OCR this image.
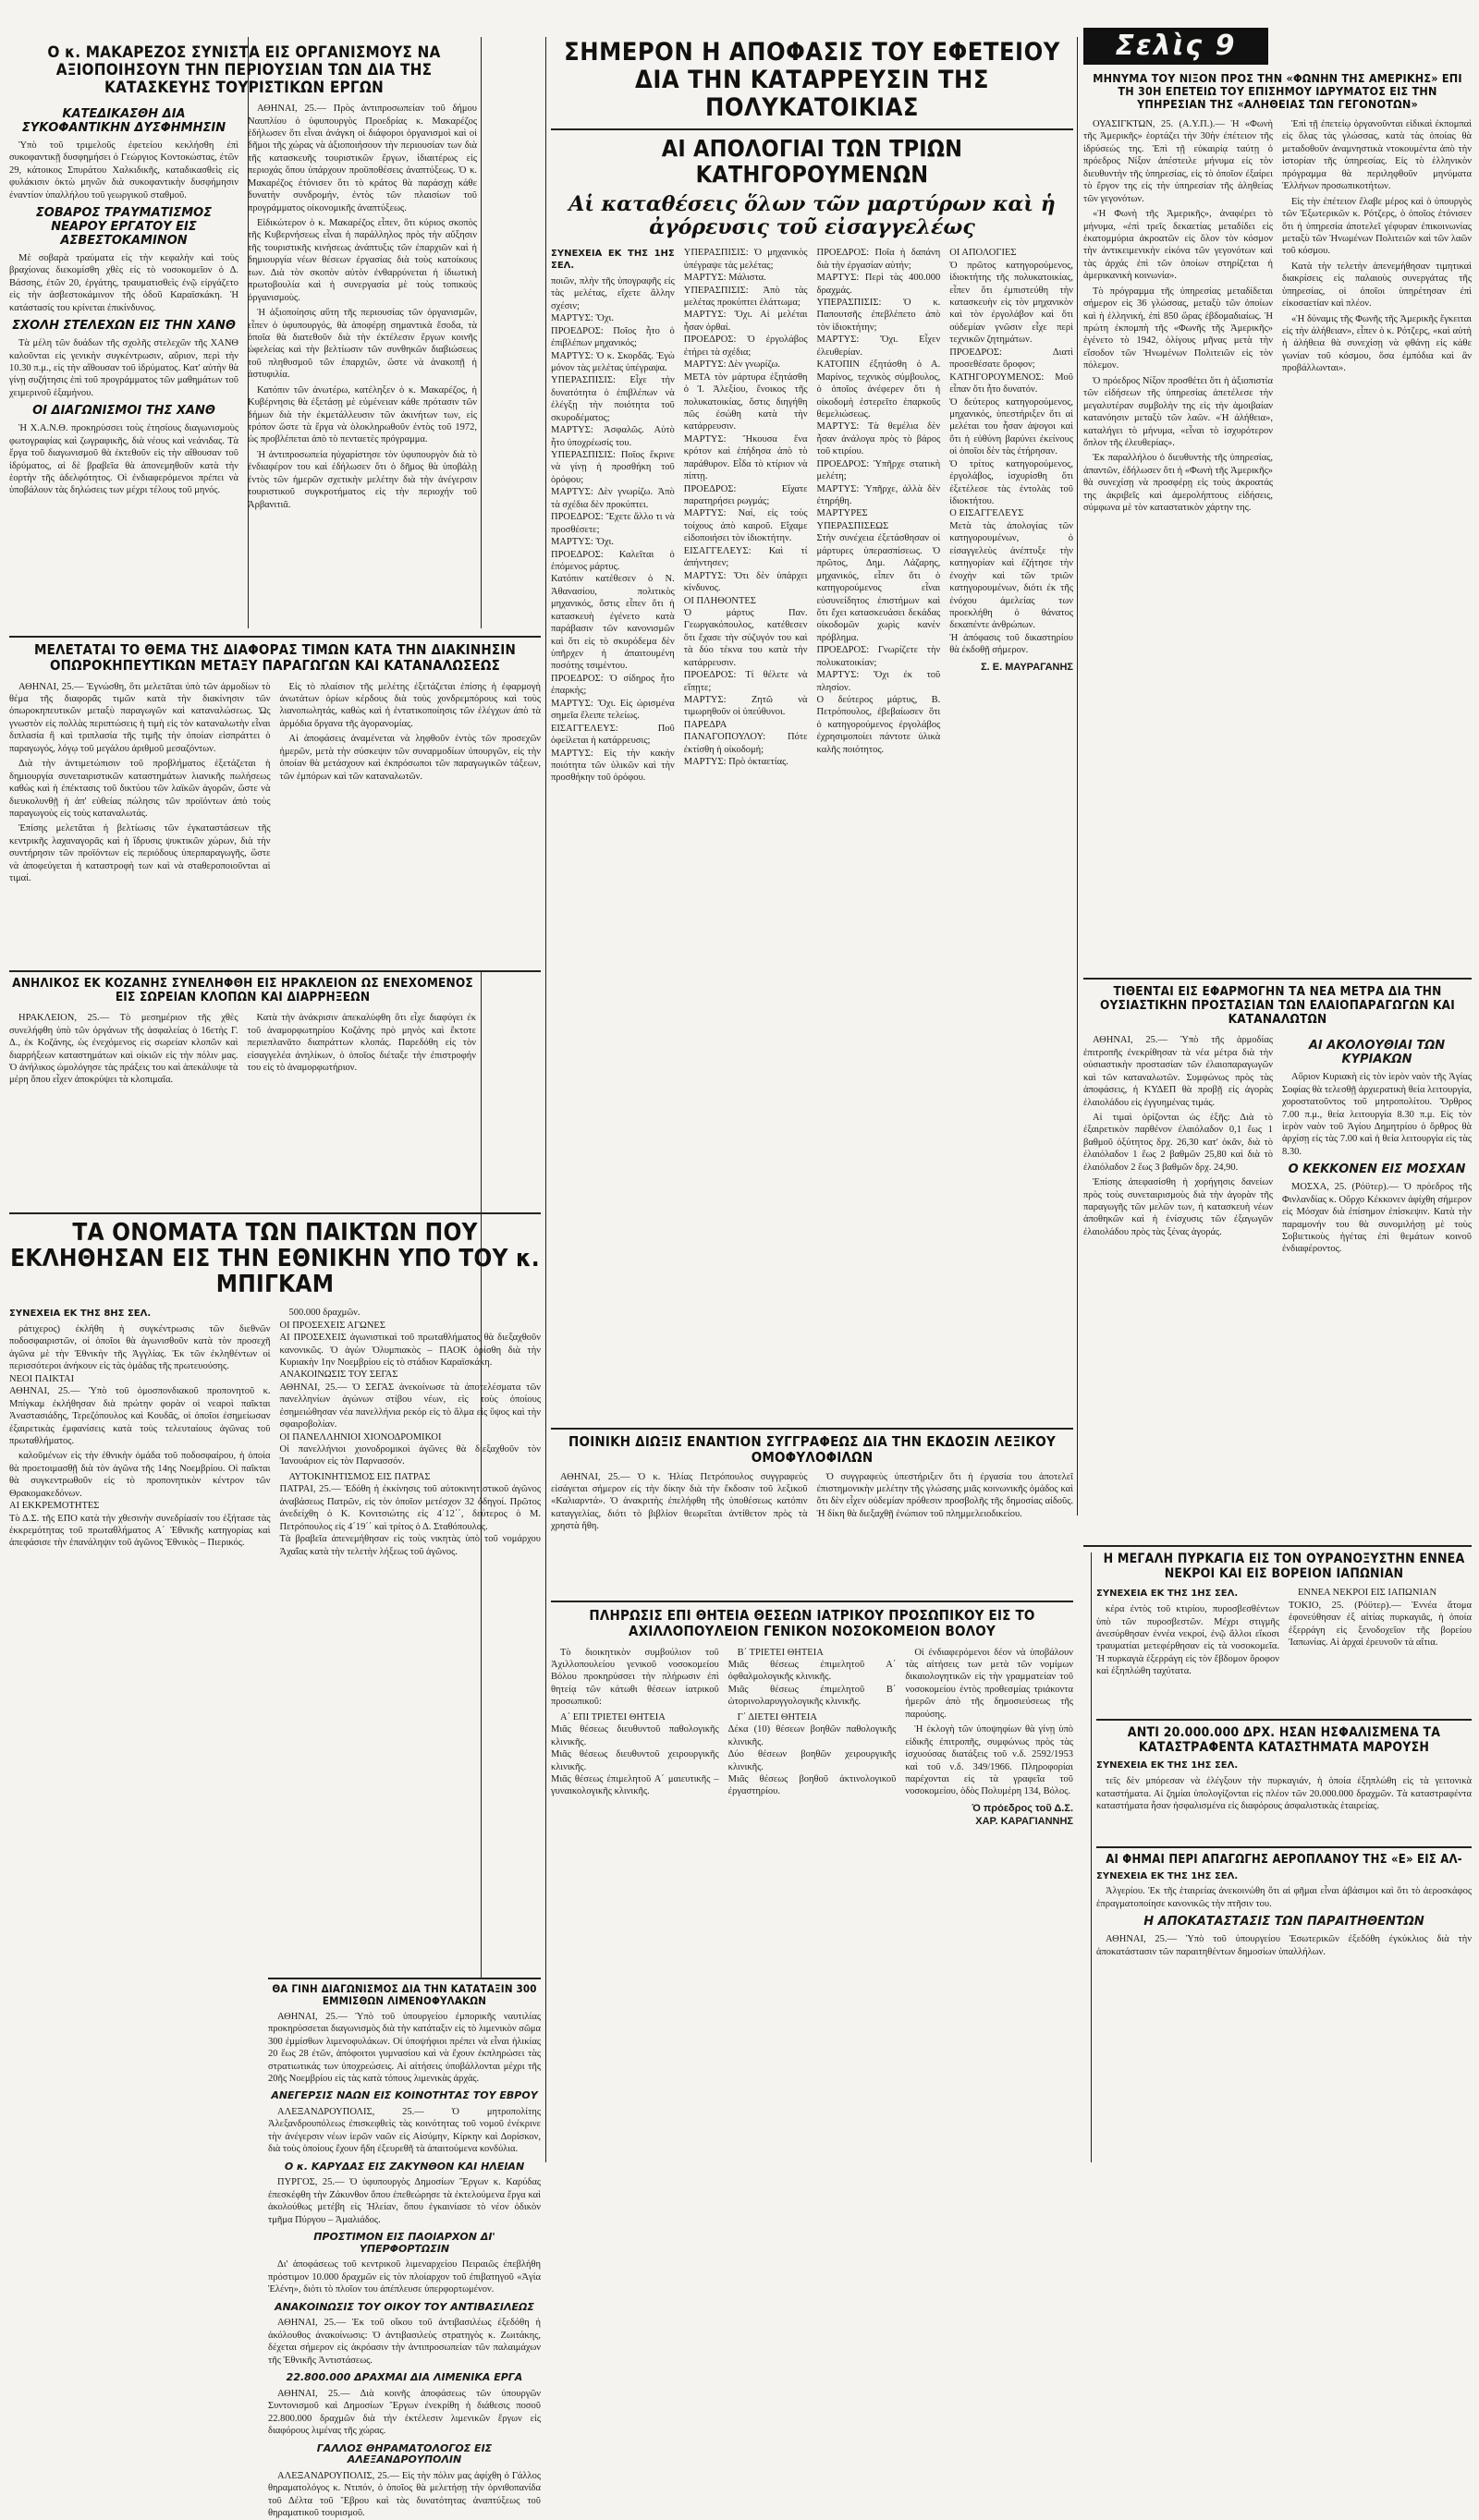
Ο κ. ΜΑΚΑΡΕΖΟΣ ΣΥΝΙΣΤΑ ΕΙΣ ΟΡΓΑΝΙΣΜΟΥΣ ΝΑ ΑΞΙΟΠΟΙΗΣΟΥΝ ΤΗΝ ΠΕΡΙΟΥΣΙΑΝ ΤΩΝ ΔΙΑ ΤΗΣ ΚΑΤΑΣΚΕΥΗΣ ΤΟΥΡΙΣΤΙΚΩΝ ΕΡΓΩΝ
ΚΑΤΕΔΙΚΑΣΘΗ ΔΙΑ ΣΥΚΟΦΑΝΤΙΚΗΝ ΔΥΣΦΗΜΗΣΙΝ

Ὑπὸ τοῦ τριμελοῦς ἐφετείου κεκλήσθη ἐπὶ συκοφαντικῇ δυσφημήσει ὁ Γεώργιος Κοντοκώστας, ἐτῶν 29, κάτοικος Σπυράτου Χαλκιδικῆς, καταδικασθεὶς εἰς φυλάκισιν ὀκτὼ μηνῶν διὰ συκοφαντικὴν δυσφήμησιν ἐναντίον ὑπαλλήλου τοῦ γεωργικοῦ σταθμοῦ.

ΣΟΒΑΡΟΣ ΤΡΑΥΜΑΤΙΣΜΟΣ ΝΕΑΡΟΥ ΕΡΓΑΤΟΥ ΕΙΣ ΑΣΒΕΣΤΟΚΑΜΙΝΟΝ

Μὲ σοβαρὰ τραύματα εἰς τὴν κεφαλὴν καὶ τοὺς βραχίονας διεκομίσθη χθὲς εἰς τὸ νοσοκομεῖον ὁ Δ. Βάσσης, ἐτῶν 20, ἐργάτης, τραυματισθεὶς ἐνῷ εἰργάζετο εἰς τὴν ἀσβεστοκάμινον τῆς ὁδοῦ Καραϊσκάκη. Ἡ κατάστασίς του κρίνεται ἐπικίνδυνος.

ΣΧΟΛΗ ΣΤΕΛΕΧΩΝ ΕΙΣ ΤΗΝ ΧΑΝΘ

Τὰ μέλη τῶν δυάδων τῆς σχολῆς στελεχῶν τῆς ΧΑΝΘ καλοῦνται εἰς γενικὴν συγκέντρωσιν, αὔριον, περὶ τὴν 10.30 π.μ., εἰς τὴν αἴθουσαν τοῦ ἱδρύματος. Κατ' αὐτὴν θὰ γίνῃ συζήτησις ἐπὶ τοῦ προγράμματος τῶν μαθημάτων τοῦ χειμερινοῦ ἑξαμήνου.

ΟΙ ΔΙΑΓΩΝΙΣΜΟΙ ΤΗΣ ΧΑΝΘ

Ἡ Χ.Α.Ν.Θ. προκηρύσσει τοὺς ἐτησίους διαγωνισμοὺς φωτογραφίας καὶ ζωγραφικῆς, διὰ νέους καὶ νεάνιδας. Τὰ ἔργα τοῦ διαγωνισμοῦ θὰ ἐκτεθοῦν εἰς τὴν αἴθουσαν τοῦ ἱδρύματος, αἱ δὲ βραβεῖα θὰ ἀπονεμηθοῦν κατὰ τὴν ἑορτὴν τῆς ἀδελφότητος. Οἱ ἐνδιαφερόμενοι πρέπει νὰ ὑποβάλουν τὰς δηλώσεις των μέχρι τέλους τοῦ μηνός.

ΑΘΗΝΑΙ, 25.— Πρὸς ἀντιπροσωπείαν τοῦ δήμου Ναυπλίου ὁ ὑφυπουργὸς Προεδρίας κ. Μακαρέζος ἐδήλωσεν ὅτι εἶναι ἀνάγκη οἱ διάφοροι ὀργανισμοὶ καὶ οἱ δῆμοι τῆς χώρας νὰ ἀξιοποιήσουν τὴν περιουσίαν των διὰ τῆς κατασκευῆς τουριστικῶν ἔργων, ἰδιαιτέρως εἰς περιοχάς ὅπου ὑπάρχουν προϋποθέσεις ἀναπτύξεως. Ὁ κ. Μακαρέζος ἐτόνισεν ὅτι τὸ κράτος θὰ παράσχῃ κάθε δυνατὴν συνδρομήν, ἐντὸς τῶν πλαισίων τοῦ προγράμματος οἰκονομικῆς ἀναπτύξεως.

Εἰδικώτερον ὁ κ. Μακαρέζος εἶπεν, ὅτι κύριος σκοπὸς τῆς Κυβερνήσεως εἶναι ἡ παράλληλος πρὸς τὴν αὔξησιν τῆς τουριστικῆς κινήσεως ἀνάπτυξις τῶν ἐπαρχιῶν καὶ ἡ δημιουργία νέων θέσεων ἐργασίας διὰ τοὺς κατοίκους των. Διὰ τὸν σκοπὸν αὐτὸν ἐνθαρρύνεται ἡ ἰδιωτικὴ πρωτοβουλία καὶ ἡ συνεργασία μὲ τοὺς τοπικοὺς ὀργανισμοὺς.

Ἡ ἀξιοποίησις αὕτη τῆς περιουσίας τῶν ὀργανισμῶν, εἶπεν ὁ ὑφυπουργός, θὰ ἀποφέρῃ σημαντικὰ ἔσοδα, τὰ ὁποῖα θὰ διατεθοῦν διὰ τὴν ἐκτέλεσιν ἔργων κοινῆς ὠφελείας καὶ τὴν βελτίωσιν τῶν συνθηκῶν διαβιώσεως τοῦ πληθυσμοῦ τῶν ἐπαρχιῶν, ὥστε νὰ ἀνακοπῇ ἡ ἀστυφιλία.

Κατόπιν τῶν ἀνωτέρω, κατέληξεν ὁ κ. Μακαρέζος, ἡ Κυβέρνησις θὰ ἐξετάσῃ μὲ εὐμένειαν κάθε πρότασιν τῶν δήμων διὰ τὴν ἐκμετάλλευσιν τῶν ἀκινήτων των, εἰς τρόπον ὥστε τὰ ἔργα νὰ ὁλοκληρωθοῦν ἐντὸς τοῦ 1972, ὡς προβλέπεται ἀπὸ τὸ πενταετὲς πρόγραμμα.

Ἡ ἀντιπροσωπεία ηὐχαρίστησε τὸν ὑφυπουργὸν διὰ τὸ ἐνδιαφέρον του καὶ ἐδήλωσεν ὅτι ὁ δῆμος θὰ ὑποβάλῃ ἐντὸς τῶν ἡμερῶν σχετικὴν μελέτην διὰ τὴν ἀνέγερσιν τουριστικοῦ συγκροτήματος εἰς τὴν περιοχήν τοῦ Ἀρβανιτιᾶ.

ΣΗΜΕΡΟΝ Η ΑΠΟΦΑΣΙΣ ΤΟΥ ΕΦΕΤΕΙΟΥ
ΔΙΑ ΤΗΝ ΚΑΤΑΡΡΕΥΣΙΝ ΤΗΣ ΠΟΛΥΚΑΤΟΙΚΙΑΣ
ΑΙ ΑΠΟΛΟΓΙΑΙ ΤΩΝ ΤΡΙΩΝ ΚΑΤΗΓΟΡΟΥΜΕΝΩΝ
Αἱ καταθέσεις ὅλων τῶν μαρτύρων καὶ ἡ ἀγόρευσις τοῦ εἰσαγγελέως
ΣΥΝΕΧΕΙΑ ΕΚ ΤΗΣ 1ΗΣ ΣΕΛ.

ποιῶν, πλὴν τῆς ὑπογραφῆς εἰς τὰς μελέτας, εἴχετε ἄλλην σχέσιν;
ΜΑΡΤΥΣ: Ὄχι.
ΠΡΟΕΔΡΟΣ: Ποῖος ἦτο ὁ ἐπιβλέπων μηχανικός;
ΜΑΡΤΥΣ: Ὁ κ. Σκορδᾶς. Ἐγὼ μόνον τὰς μελέτας ὑπέγραψα.
ΥΠΕΡΑΣΠΙΣΙΣ: Εἶχε τὴν δυνατότητα ὁ ἐπιβλέπων νὰ ἐλέγξῃ τὴν ποιότητα τοῦ σκυροδέματος;
ΜΑΡΤΥΣ: Ἀσφαλῶς. Αὐτὸ ἦτο ὑποχρέωσίς του.
ΥΠΕΡΑΣΠΙΣΙΣ: Ποῖος ἔκρινε νὰ γίνῃ ἡ προσθήκη τοῦ ὀρόφου;
ΜΑΡΤΥΣ: Δὲν γνωρίζω. Ἀπὸ τὰ σχέδια δὲν προκύπτει.
ΠΡΟΕΔΡΟΣ: Ἔχετε ἄλλο τι νὰ προσθέσετε;
ΜΑΡΤΥΣ: Ὄχι.
ΠΡΟΕΔΡΟΣ: Καλεῖται ὁ ἑπόμενος μάρτυς.
Κατόπιν κατέθεσεν ὁ Ν. Ἀθανασίου, πολιτικὸς μηχανικός, ὅστις εἶπεν ὅτι ἡ κατασκευὴ ἐγένετο κατὰ παράβασιν τῶν κανονισμῶν καὶ ὅτι εἰς τὸ σκυρόδεμα δὲν ὑπῆρχεν ἡ ἀπαιτουμένη ποσότης τσιμέντου.
ΠΡΟΕΔΡΟΣ: Ὁ σίδηρος ἦτο ἐπαρκής;
ΜΑΡΤΥΣ: Ὄχι. Εἰς ὡρισμένα σημεῖα ἔλειπε τελείως.
ΕΙΣΑΓΓΕΛΕΥΣ: Ποῦ ὀφείλεται ἡ κατάρρευσις;
ΜΑΡΤΥΣ: Εἰς τὴν κακὴν ποιότητα τῶν ὑλικῶν καὶ τὴν προσθήκην τοῦ ὀρόφου.

ΥΠΕΡΑΣΠΙΣΙΣ: Ὁ μηχανικὸς ὑπέγραψε τὰς μελέτας;
ΜΑΡΤΥΣ: Μάλιστα.
ΥΠΕΡΑΣΠΙΣΙΣ: Ἀπὸ τὰς μελέτας προκύπτει ἐλάττωμα;
ΜΑΡΤΥΣ: Ὄχι. Αἱ μελέται ἦσαν ὀρθαί.
ΠΡΟΕΔΡΟΣ: Ὁ ἐργολάβος ἐτήρει τὰ σχέδια;
ΜΑΡΤΥΣ: Δὲν γνωρίζω.
ΜΕΤΑ τὸν μάρτυρα ἐξητάσθη ὁ Ἰ. Ἀλεξίου, ἔνοικος τῆς πολυκατοικίας, ὅστις διηγήθη πῶς ἐσώθη κατὰ τὴν κατάρρευσιν.
ΜΑΡΤΥΣ: Ἤκουσα ἕνα κρότον καὶ ἐπήδησα ἀπὸ τὸ παράθυρον. Εἶδα τὸ κτίριον νὰ πίπτῃ.
ΠΡΟΕΔΡΟΣ: Εἴχατε παρατηρήσει ρωγμάς;
ΜΑΡΤΥΣ: Ναί, εἰς τοὺς τοίχους ἀπὸ καιροῦ. Εἴχαμε εἰδοποιήσει τὸν ἰδιοκτήτην.
ΕΙΣΑΓΓΕΛΕΥΣ: Καὶ τί ἀπήντησεν;
ΜΑΡΤΥΣ: Ὅτι δὲν ὑπάρχει κίνδυνος.
ΟΙ ΠΛΗΘΟΝΤΕΣ
Ὁ μάρτυς Παν. Γεωργακόπουλος, κατέθεσεν ὅτι ἔχασε τὴν σύζυγόν του καὶ τὰ δύο τέκνα του κατὰ τὴν κατάρρευσιν.
ΠΡΟΕΔΡΟΣ: Τί θέλετε νὰ εἴπῃτε;
ΜΑΡΤΥΣ: Ζητῶ νὰ τιμωρηθοῦν οἱ ὑπεύθυνοι.
ΠΑΡΕΔΡΑ ΠΑΝΑΓΟΠΟΥΛΟΥ: Πότε ἐκτίσθη ἡ οἰκοδομή;
ΜΑΡΤΥΣ: Πρὸ ὀκταετίας.

ΠΡΟΕΔΡΟΣ: Ποῖα ἡ δαπάνη διὰ τὴν ἐργασίαν αὐτήν;
ΜΑΡΤΥΣ: Περὶ τὰς 400.000 δραχμάς.
ΥΠΕΡΑΣΠΙΣΙΣ: Ὁ κ. Παπουτσῆς ἐπεβλέπετο ἀπὸ τὸν ἰδιοκτήτην;
ΜΑΡΤΥΣ: Ὄχι. Εἶχεν ἐλευθερίαν.
ΚΑΤΟΠΙΝ ἐξητάσθη ὁ Α. Μαρίνος, τεχνικὸς σύμβουλος, ὁ ὁποῖος ἀνέφερεν ὅτι ἡ οἰκοδομὴ ἐστερεῖτο ἐπαρκοῦς θεμελιώσεως.
ΜΑΡΤΥΣ: Τὰ θεμέλια δὲν ἦσαν ἀνάλογα πρὸς τὸ βάρος τοῦ κτιρίου.
ΠΡΟΕΔΡΟΣ: Ὑπῆρχε στατικὴ μελέτη;
ΜΑΡΤΥΣ: Ὑπῆρχε, ἀλλὰ δὲν ἐτηρήθη.
ΜΑΡΤΥΡΕΣ ΥΠΕΡΑΣΠΙΣΕΩΣ
Στὴν συνέχεια ἐξετάσθησαν οἱ μάρτυρες ὑπερασπίσεως. Ὁ πρῶτος, Δημ. Λάζαρης, μηχανικός, εἶπεν ὅτι ὁ κατηγορούμενος εἶναι εὐσυνείδητος ἐπιστήμων καὶ ὅτι ἔχει κατασκευάσει δεκάδας οἰκοδομῶν χωρὶς κανὲν πρόβλημα.
ΠΡΟΕΔΡΟΣ: Γνωρίζετε τὴν πολυκατοικίαν;
ΜΑΡΤΥΣ: Ὄχι ἐκ τοῦ πλησίον.
Ο δεύτερος μάρτυς, Β. Πετρόπουλος, ἐβεβαίωσεν ὅτι ὁ κατηγορούμενος ἐργολάβος ἐχρησιμοποίει πάντοτε ὑλικὰ καλῆς ποιότητος.

ΟΙ ΑΠΟΛΟΓΙΕΣ
Ὁ πρῶτος κατηγορούμενος, ἰδιοκτήτης τῆς πολυκατοικίας, εἶπεν ὅτι ἐμπιστεύθη τὴν κατασκευὴν εἰς τὸν μηχανικὸν καὶ τὸν ἐργολάβον καὶ ὅτι οὐδεμίαν γνῶσιν εἶχε περὶ τεχνικῶν ζητημάτων.
ΠΡΟΕΔΡΟΣ: Διατὶ προσεθέσατε ὄροφον;
ΚΑΤΗΓΟΡΟΥΜΕΝΟΣ: Μοῦ εἶπαν ὅτι ἦτο δυνατόν.
Ὁ δεύτερος κατηγορούμενος, μηχανικός, ὑπεστήριξεν ὅτι αἱ μελέται του ἦσαν ἀψογοι καὶ ὅτι ἡ εὐθύνη βαρύνει ἐκείνους οἱ ὁποῖοι δὲν τὰς ἐτήρησαν.
Ὁ τρίτος κατηγορούμενος, ἐργολάβος, ἰσχυρίσθη ὅτι ἐξετέλεσε τὰς ἐντολὰς τοῦ ἰδιοκτήτου.
Ο ΕΙΣΑΓΓΕΛΕΥΣ
Μετὰ τὰς ἀπολογίας τῶν κατηγορουμένων, ὁ εἰσαγγελεὺς ἀνέπτυξε τὴν κατηγορίαν καὶ ἐζήτησε τὴν ἐνοχὴν καὶ τῶν τριῶν κατηγορουμένων, διότι ἐκ τῆς ἐνόχου ἀμελείας των προεκλήθη ὁ θάνατος δεκαπέντε ἀνθρώπων.
Ἡ ἀπόφασις τοῦ δικαστηρίου θὰ ἐκδοθῇ σήμερον.

Σ. Ε. ΜΑΥΡΑΓΑΝΗΣ
Σελὶς 9
ΜΗΝΥΜΑ ΤΟΥ ΝΙΞΟΝ ΠΡΟΣ ΤΗΝ «ΦΩΝΗΝ ΤΗΣ ΑΜΕΡΙΚΗΣ» ΕΠΙ ΤΗ 30Η ΕΠΕΤΕΙΩ ΤΟΥ ΕΠΙΣΗΜΟΥ ΙΔΡΥΜΑΤΟΣ ΕΙΣ ΤΗΝ ΥΠΗΡΕΣΙΑΝ ΤΗΣ «ΑΛΗΘΕΙΑΣ ΤΩΝ ΓΕΓΟΝΟΤΩΝ»

ΟΥΑΣΙΓΚΤΩΝ, 25. (Α.Υ.Π.).— Ἡ «Φωνὴ τῆς Ἀμερικῆς» ἑορτάζει τὴν 30ὴν ἐπέτειον τῆς ἱδρύσεώς της. Ἐπὶ τῇ εὐκαιρίᾳ ταύτῃ ὁ πρόεδρος Νίξον ἀπέστειλε μήνυμα εἰς τὸν διευθυντὴν τῆς ὑπηρεσίας, εἰς τὸ ὁποῖον ἐξαίρει τὸ ἔργον της εἰς τὴν ὑπηρεσίαν τῆς ἀληθείας τῶν γεγονότων.

«Ἡ Φωνὴ τῆς Ἀμερικῆς», ἀναφέρει τὸ μήνυμα, «ἐπὶ τρεῖς δεκαετίας μεταδίδει εἰς ἑκατομμύρια ἀκροατῶν εἰς ὅλον τὸν κόσμον τὴν ἀντικειμενικὴν εἰκόνα τῶν γεγονότων καὶ τὰς ἀρχάς ἐπὶ τῶν ὁποίων στηρίζεται ἡ ἀμερικανικὴ κοινωνία».

Τὸ πρόγραμμα τῆς ὑπηρεσίας μεταδίδεται σήμερον εἰς 36 γλώσσας, μεταξὺ τῶν ὁποίων καὶ ἡ ἑλληνική, ἐπὶ 850 ὥρας ἑβδομαδιαίως. Ἡ πρώτη ἐκπομπὴ τῆς «Φωνῆς τῆς Ἀμερικῆς» ἐγένετο τὸ 1942, ὀλίγους μῆνας μετὰ τὴν εἴσοδον τῶν Ἡνωμένων Πολιτειῶν εἰς τὸν πόλεμον.

Ὁ πρόεδρος Νίξον προσθέτει ὅτι ἡ ἀξιοπιστία τῶν εἰδήσεων τῆς ὑπηρεσίας ἀπετέλεσε τὴν μεγαλυτέραν συμβολὴν της εἰς τὴν ἀμοιβαίαν κατανόησιν μεταξὺ τῶν λαῶν. «Ἡ ἀλήθεια», καταλήγει τὸ μήνυμα, «εἶναι τὸ ἰσχυρότερον ὅπλον τῆς ἐλευθερίας».

Ἐκ παραλλήλου ὁ διευθυντὴς τῆς ὑπηρεσίας, ἀπαντῶν, ἐδήλωσεν ὅτι ἡ «Φωνὴ τῆς Ἀμερικῆς» θὰ συνεχίσῃ νὰ προσφέρῃ εἰς τοὺς ἀκροατάς της ἀκριβεῖς καὶ ἀμερολήπτους εἰδήσεις, σύμφωνα μὲ τὸν καταστατικὸν χάρτην της.

Ἐπὶ τῇ ἐπετείῳ ὀργανοῦνται εἰδικαὶ ἐκπομπαὶ εἰς ὅλας τὰς γλώσσας, κατὰ τὰς ὁποίας θὰ μεταδοθοῦν ἀναμνηστικὰ ντοκουμέντα ἀπὸ τὴν ἱστορίαν τῆς ὑπηρεσίας. Εἰς τὸ ἑλληνικὸν πρόγραμμα θὰ περιληφθοῦν μηνύματα Ἑλλήνων προσωπικοτήτων.

Εἰς τὴν ἐπέτειον ἔλαβε μέρος καὶ ὁ ὑπουργὸς τῶν Ἐξωτερικῶν κ. Ρότζερς, ὁ ὁποῖος ἐτόνισεν ὅτι ἡ ὑπηρεσία ἀποτελεῖ γέφυραν ἐπικοινωνίας μεταξὺ τῶν Ἡνωμένων Πολιτειῶν καὶ τῶν λαῶν τοῦ κόσμου.

Κατὰ τὴν τελετὴν ἀπενεμήθησαν τιμητικαὶ διακρίσεις εἰς παλαιοὺς συνεργάτας τῆς ὑπηρεσίας, οἱ ὁποῖοι ὑπηρέτησαν ἐπὶ εἰκοσαετίαν καὶ πλέον.

«Ἡ δύναμις τῆς Φωνῆς τῆς Ἀμερικῆς ἔγκειται εἰς τὴν ἀλήθειαν», εἶπεν ὁ κ. Ρότζερς, «καὶ αὐτὴ ἡ ἀλήθεια θὰ συνεχίσῃ νὰ φθάνῃ εἰς κάθε γωνίαν τοῦ κόσμου, ὅσα ἐμπόδια καὶ ἂν προβάλλωνται».

ΜΕΛΕΤΑΤΑΙ ΤΟ ΘΕΜΑ ΤΗΣ ΔΙΑΦΟΡΑΣ ΤΙΜΩΝ ΚΑΤΑ ΤΗΝ ΔΙΑΚΙΝΗΣΙΝ ΟΠΩΡΟΚΗΠΕΥΤΙΚΩΝ ΜΕΤΑΞΥ ΠΑΡΑΓΩΓΩΝ ΚΑΙ ΚΑΤΑΝΑΛΩΣΕΩΣ

ΑΘΗΝΑΙ, 25.— Ἐγνώσθη, ὅτι μελετᾶται ὑπὸ τῶν ἁρμοδίων τὸ θέμα τῆς διαφορᾶς τιμῶν κατὰ τὴν διακίνησιν τῶν ὀπωροκηπευτικῶν μεταξὺ παραγωγῶν καὶ καταναλώσεως. Ὡς γνωστὸν εἰς πολλὰς περιπτώσεις ἡ τιμὴ εἰς τὸν καταναλωτὴν εἶναι διπλασία ἢ καὶ τριπλασία τῆς τιμῆς τὴν ὁποίαν εἰσπράττει ὁ παραγωγός, λόγῳ τοῦ μεγάλου ἀριθμοῦ μεσαζόντων.

Διὰ τὴν ἀντιμετώπισιν τοῦ προβλήματος ἐξετάζεται ἡ δημιουργία συνεταιριστικῶν καταστημάτων λιανικῆς πωλήσεως καθὼς καὶ ἡ ἐπέκτασις τοῦ δικτύου τῶν λαϊκῶν ἀγορῶν, ὥστε νὰ διευκολυνθῇ ἡ ἀπ' εὐθείας πώλησις τῶν προϊόντων ἀπὸ τοὺς παραγωγοὺς εἰς τοὺς καταναλωτάς.

Ἐπίσης μελετᾶται ἡ βελτίωσις τῶν ἐγκαταστάσεων τῆς κεντρικῆς λαχαναγορᾶς καὶ ἡ ἵδρυσις ψυκτικῶν χώρων, διὰ τὴν συντήρησιν τῶν προϊόντων εἰς περιόδους ὑπερπαραγωγῆς, ὥστε νὰ ἀποφεύγεται ἡ καταστροφὴ των καὶ νὰ σταθεροποιοῦνται αἱ τιμαί.

Εἰς τὸ πλαίσιον τῆς μελέτης ἐξετάζεται ἐπίσης ἡ ἐφαρμογὴ ἀνωτάτων ὁρίων κέρδους διὰ τοὺς χονδρεμπόρους καὶ τοὺς λιανοπωλητάς, καθὼς καὶ ἡ ἐντατικοποίησις τῶν ἐλέγχων ἀπὸ τὰ ἁρμόδια ὄργανα τῆς ἀγορανομίας.

Αἱ ἀποφάσεις ἀναμένεται νὰ ληφθοῦν ἐντὸς τῶν προσεχῶν ἡμερῶν, μετὰ τὴν σύσκεψιν τῶν συναρμοδίων ὑπουργῶν, εἰς τὴν ὁποίαν θὰ μετάσχουν καὶ ἐκπρόσωποι τῶν παραγωγικῶν τάξεων, τῶν ἐμπόρων καὶ τῶν καταναλωτῶν.

ΑΝΗΛΙΚΟΣ ΕΚ ΚΟΖΑΝΗΣ ΣΥΝΕΛΗΦΘΗ ΕΙΣ ΗΡΑΚΛΕΙΟΝ ΩΣ ΕΝΕΧΟΜΕΝΟΣ ΕΙΣ ΣΩΡΕΙΑΝ ΚΛΟΠΩΝ ΚΑΙ ΔΙΑΡΡΗΞΕΩΝ

ΗΡΑΚΛΕΙΟΝ, 25.— Τὸ μεσημέριον τῆς χθὲς συνελήφθη ὑπὸ τῶν ὀργάνων τῆς ἀσφαλείας ὁ 16ετὴς Γ. Δ., ἐκ Κοζάνης, ὡς ἐνεχόμενος εἰς σωρείαν κλοπῶν καὶ διαρρήξεων καταστημάτων καὶ οἰκιῶν εἰς τὴν πόλιν μας. Ὁ ἀνήλικος ὡμολόγησε τὰς πράξεις του καὶ ἀπεκάλυψε τὰ μέρη ὅπου εἶχεν ἀποκρύψει τὰ κλοπιμαῖα.

Κατὰ τὴν ἀνάκρισιν ἀπεκαλύφθη ὅτι εἶχε διαφύγει ἐκ τοῦ ἀναμορφωτηρίου Κοζάνης πρὸ μηνὸς καὶ ἔκτοτε περιεπλανᾶτο διαπράττων κλοπάς. Παρεδόθη εἰς τὸν εἰσαγγελέα ἀνηλίκων, ὁ ὁποῖος διέταξε τὴν ἐπιστροφήν του εἰς τὸ ἀναμορφωτήριον.

ΤΑ ΟΝΟΜΑΤΑ ΤΩΝ ΠΑΙΚΤΩΝ ΠΟΥ ΕΚΛΗΘΗΣΑΝ ΕΙΣ ΤΗΝ ΕΘΝΙΚΗΝ ΥΠΟ ΤΟΥ κ. ΜΠΙΓΚΑΜ
ΣΥΝΕΧΕΙΑ ΕΚ ΤΗΣ 8ΗΣ ΣΕΛ.

ράτιχερος) ἐκλήθη ἡ συγκέντρωσις τῶν διεθνῶν ποδοσφαιριστῶν, οἱ ὁποῖοι θὰ ἀγωνισθοῦν κατὰ τὸν προσεχῆ ἀγῶνα μὲ τὴν Ἐθνικὴν τῆς Ἀγγλίας. Ἐκ τῶν ἐκληθέντων οἱ περισσότεροι ἀνήκουν εἰς τὰς ὁμάδας τῆς πρωτευούσης.
ΝΕΟΙ ΠΑΙΚΤΑΙ
ΑΘΗΝΑΙ, 25.— Ὑπὸ τοῦ ὁμοσπονδιακοῦ προπονητοῦ κ. Μπίγκαμ ἐκλήθησαν διὰ πρώτην φορὰν οἱ νεαροὶ παῖκται Ἀναστασιάδης, Τερεζόπουλος καὶ Κουδᾶς, οἱ ὁποῖοι ἐσημείωσαν ἐξαιρετικὰς ἐμφανίσεις κατὰ τοὺς τελευταίους ἀγῶνας τοῦ πρωταθλήματος.

καλοῦμένων εἰς τὴν ἐθνικὴν ὁμάδα τοῦ ποδοσφαίρου, ἡ ὁποία θὰ προετοιμασθῇ διὰ τὸν ἀγῶνα τῆς 14ης Νοεμβρίου. Οἱ παῖκται θὰ συγκεντρωθοῦν εἰς τὸ προπονητικὸν κέντρον τῶν Θρακομακεδόνων.
ΑΙ ΕΚΚΡΕΜΟΤΗΤΕΣ
Τὸ Δ.Σ. τῆς ΕΠΟ κατὰ τὴν χθεσινὴν συνεδρίασίν του ἐξήτασε τὰς ἐκκρεμότητας τοῦ πρωταθλήματος Α΄ Ἐθνικῆς κατηγορίας καὶ ἀπεφάσισε τὴν ἐπανάληψιν τοῦ ἀγῶνος Ἐθνικὸς – Πιερικός.

500.000 δραχμῶν.
ΟΙ ΠΡΟΣΕΧΕΙΣ ΑΓΩΝΕΣ
ΑΙ ΠΡΟΣΕΧΕΙΣ ἀγωνιστικαὶ τοῦ πρωταθλήματος θὰ διεξαχθοῦν κανονικῶς. Ὁ ἀγὼν Ὀλυμπιακὸς – ΠΑΟΚ ὁρίσθη διὰ τὴν Κυριακὴν 1ην Νοεμβρίου εἰς τὸ στάδιον Καραϊσκάκη.
ΑΝΑΚΟΙΝΩΣΙΣ ΤΟΥ ΣΕΓΑΣ
ΑΘΗΝΑΙ, 25.— Ὁ ΣΕΓΑΣ ἀνεκοίνωσε τὰ ἀποτελέσματα τῶν πανελληνίων ἀγώνων στίβου νέων, εἰς τοὺς ὁποίους ἐσημειώθησαν νέα πανελλήνια ρεκόρ εἰς τὸ ἅλμα εἰς ὕψος καὶ τὴν σφαιροβολίαν.
ΟΙ ΠΑΝΕΛΛΗΝΙΟΙ ΧΙΟΝΟΔΡΟΜΙΚΟΙ
Οἱ πανελλήνιοι χιονοδρομικοὶ ἀγῶνες θὰ διεξαχθοῦν τὸν Ἰανουάριον εἰς τὸν Παρνασσόν.

ΑΥΤΟΚΙΝΗΤΙΣΜΟΣ ΕΙΣ ΠΑΤΡΑΣ
ΠΑΤΡΑΙ, 25.— Ἐδόθη ἡ ἐκκίνησις τοῦ αὐτοκινητιστικοῦ ἀγῶνος ἀναβάσεως Πατρῶν, εἰς τὸν ὁποῖον μετέσχον 32 ὀδηγοί. Πρῶτος ἀνεδείχθη ὁ Κ. Κονιτσιώτης εἰς 4΄12΄΄, δεύτερος ὁ Μ. Πετρόπουλος εἰς 4΄19΄΄ καὶ τρίτος ὁ Δ. Σταθόπουλος.
Τὰ βραβεῖα ἀπενεμήθησαν εἰς τοὺς νικητὰς ὑπὸ τοῦ νομάρχου Ἀχαΐας κατὰ τὴν τελετὴν λήξεως τοῦ ἀγῶνος.

ΤΙΘΕΝΤΑΙ ΕΙΣ ΕΦΑΡΜΟΓΗΝ ΤΑ ΝΕΑ ΜΕΤΡΑ ΔΙΑ ΤΗΝ ΟΥΣΙΑΣΤΙΚΗΝ ΠΡΟΣΤΑΣΙΑΝ ΤΩΝ ΕΛΑΙΟΠΑΡΑΓΩΓΩΝ ΚΑΙ ΚΑΤΑΝΑΛΩΤΩΝ

ΑΘΗΝΑΙ, 25.— Ὑπὸ τῆς ἁρμοδίας ἐπιτροπῆς ἐνεκρίθησαν τὰ νέα μέτρα διὰ τὴν οὐσιαστικὴν προστασίαν τῶν ἐλαιοπαραγωγῶν καὶ τῶν καταναλωτῶν. Συμφώνως πρὸς τὰς ἀποφάσεις, ἡ ΚΥΔΕΠ θὰ προβῇ εἰς ἀγορὰς ἐλαιολάδου εἰς ἐγγυημένας τιμάς.

Αἱ τιμαὶ ὁρίζονται ὡς ἑξῆς: Διὰ τὸ ἐξαιρετικὸν παρθένον ἐλαιόλαδον 0,1 ἕως 1 βαθμοῦ ὀξύτητος δρχ. 26,30 κατ' ὀκᾶν, διὰ τὸ ἐλαιόλαδον 1 ἕως 2 βαθμῶν 25,80 καὶ διὰ τὸ ἐλαιόλαδον 2 ἕως 3 βαθμῶν δρχ. 24,90.

Ἐπίσης ἀπεφασίσθη ἡ χορήγησις δανείων πρὸς τοὺς συνεταιρισμοὺς διὰ τὴν ἀγορὰν τῆς παραγωγῆς τῶν μελῶν των, ἡ κατασκευὴ νέων ἀποθηκῶν καὶ ἡ ἐνίσχυσις τῶν ἐξαγωγῶν ἐλαιολάδου πρὸς τὰς ξένας ἀγοράς.

ΑΙ ΑΚΟΛΟΥΘΙΑΙ ΤΩΝ ΚΥΡΙΑΚΩΝ

Αὔριον Κυριακὴ εἰς τὸν ἱερὸν ναὸν τῆς Ἁγίας Σοφίας θὰ τελεσθῇ ἀρχιερατικὴ θεία λειτουργία, χοροστατοῦντος τοῦ μητροπολίτου. Ὄρθρος 7.00 π.μ., θεία λειτουργία 8.30 π.μ. Εἰς τὸν ἱερὸν ναὸν τοῦ Ἁγίου Δημητρίου ὁ ὄρθρος θὰ ἀρχίσῃ εἰς τὰς 7.00 καὶ ἡ θεία λειτουργία εἰς τὰς 8.30.

Ο ΚΕΚΚΟΝΕΝ ΕΙΣ ΜΟΣΧΑΝ

ΜΟΣΧΑ, 25. (Ρόϋτερ).— Ὁ πρόεδρος τῆς Φινλανδίας κ. Οὔρχο Κέκκονεν ἀφίχθη σήμερον εἰς Μόσχαν διὰ ἐπίσημον ἐπίσκεψιν. Κατὰ τὴν παραμονήν του θὰ συνομιλήσῃ μὲ τοὺς Σοβιετικοὺς ἡγέτας ἐπὶ θεμάτων κοινοῦ ἐνδιαφέροντος.

ΠΟΙΝΙΚΗ ΔΙΩΞΙΣ ΕΝΑΝΤΙΟΝ ΣΥΓΓΡΑΦΕΩΣ ΔΙΑ ΤΗΝ ΕΚΔΟΣΙΝ ΛΕΞΙΚΟΥ ΟΜΟΦΥΛΟΦΙΛΩΝ

ΑΘΗΝΑΙ, 25.— Ὁ κ. Ἠλίας Πετρόπουλος συγγραφεὺς εἰσάγεται σήμερον εἰς τὴν δίκην διὰ τὴν ἔκδοσιν τοῦ λεξικοῦ «Καλιαρντά». Ὁ ἀνακριτὴς ἐπελήφθη τῆς ὑποθέσεως κατόπιν καταγγελίας, διότι τὸ βιβλίον θεωρεῖται ἀντίθετον πρὸς τὰ χρηστὰ ἤθη.

Ὁ συγγραφεὺς ὑπεστήριξεν ὅτι ἡ ἐργασία του ἀποτελεῖ ἐπιστημονικὴν μελέτην τῆς γλώσσης μιᾶς κοινωνικῆς ὁμάδος καὶ ὅτι δὲν εἶχεν οὐδεμίαν πρόθεσιν προσβολῆς τῆς δημοσίας αἰδοῦς. Ἡ δίκη θὰ διεξαχθῇ ἐνώπιον τοῦ πλημμελειοδικείου.

ΠΛΗΡΩΣΙΣ ΕΠΙ ΘΗΤΕΙΑ ΘΕΣΕΩΝ ΙΑΤΡΙΚΟΥ ΠΡΟΣΩΠΙΚΟΥ ΕΙΣ ΤΟ ΑΧΙΛΛΟΠΟΥΛΕΙΟΝ ΓΕΝΙΚΟΝ ΝΟΣΟΚΟΜΕΙΟΝ ΒΟΛΟΥ

Τὸ διοικητικὸν συμβούλιον τοῦ Ἀχιλλοπουλείου γενικοῦ νοσοκομείου Βόλου προκηρύσσει τὴν πλήρωσιν ἐπὶ θητείᾳ τῶν κάτωθι θέσεων ἰατρικοῦ προσωπικοῦ:

Α΄ ΕΠΙ ΤΡΙΕΤΕΙ ΘΗΤΕΙΑ
Μιᾶς θέσεως διευθυντοῦ παθολογικῆς κλινικῆς.
Μιᾶς θέσεως διευθυντοῦ χειρουργικῆς κλινικῆς.
Μιᾶς θέσεως ἐπιμελητοῦ Α΄ μαιευτικῆς – γυναικολογικῆς κλινικῆς.

Β΄ ΤΡΙΕΤΕΙ ΘΗΤΕΙΑ
Μιᾶς θέσεως ἐπιμελητοῦ Α΄ ὀφθαλμολογικῆς κλινικῆς.
Μιᾶς θέσεως ἐπιμελητοῦ Β΄ ὠτορινολαρυγγολογικῆς κλινικῆς.

Γ΄ ΔΙΕΤΕΙ ΘΗΤΕΙΑ
Δέκα (10) θέσεων βοηθῶν παθολογικῆς κλινικῆς.
Δύο θέσεων βοηθῶν χειρουργικῆς κλινικῆς.
Μιᾶς θέσεως βοηθοῦ ἀκτινολογικοῦ ἐργαστηρίου.

Οἱ ἐνδιαφερόμενοι δέον νὰ ὑποβάλουν τὰς αἰτήσεις των μετὰ τῶν νομίμων δικαιολογητικῶν εἰς τὴν γραμματείαν τοῦ νοσοκομείου ἐντὸς προθεσμίας τριάκοντα ἡμερῶν ἀπὸ τῆς δημοσιεύσεως τῆς παρούσης.

Ἡ ἐκλογὴ τῶν ὑποψηφίων θὰ γίνῃ ὑπὸ εἰδικῆς ἐπιτροπῆς, συμφώνως πρὸς τὰς ἰσχυούσας διατάξεις τοῦ ν.δ. 2592/1953 καὶ τοῦ ν.δ. 349/1966. Πληροφορίαι παρέχονται εἰς τὰ γραφεῖα τοῦ νοσοκομείου, ὁδὸς Πολυμέρη 134, Βόλος.

Ὁ πρόεδρος τοῦ Δ.Σ.
ΧΑΡ. ΚΑΡΑΓΙΑΝΝΗΣ
Η ΜΕΓΑΛΗ ΠΥΡΚΑΓΙΑ ΕΙΣ ΤΟΝ ΟΥΡΑΝΟΞΥΣΤΗΝ ΕΝΝΕΑ ΝΕΚΡΟΙ ΚΑΙ ΕΙΣ ΒΟΡΕΙΟΝ ΙΑΠΩΝΙΑΝ
ΣΥΝΕΧΕΙΑ ΕΚ ΤΗΣ 1ΗΣ ΣΕΛ.

κέρα ἐντὸς τοῦ κτιρίου, πυροσβεσθέντων ὑπὸ τῶν πυροσβεστῶν. Μέχρι στιγμῆς ἀνεσύρθησαν ἐννέα νεκροί, ἐνῷ ἄλλοι εἴκοσι τραυματίαι μετεφέρθησαν εἰς τὰ νοσοκομεῖα. Ἡ πυρκαγιὰ ἐξερράγη εἰς τὸν ἕβδομον ὄροφον καὶ ἐξηπλώθη ταχύτατα.

ΕΝΝΕΑ ΝΕΚΡΟΙ ΕΙΣ ΙΑΠΩΝΙΑΝ
ΤΟΚΙΟ, 25. (Ρόϋτερ).— Ἐννέα ἄτομα ἐφονεύθησαν ἐξ αἰτίας πυρκαγιᾶς, ἡ ὁποία ἐξερράγη εἰς ξενοδοχεῖον τῆς βορείου Ἰαπωνίας. Αἱ ἀρχαὶ ἐρευνοῦν τὰ αἴτια.

ΑΝΤΙ 20.000.000 ΔΡΧ. ΗΣΑΝ ΗΣΦΑΛΙΣΜΕΝΑ ΤΑ ΚΑΤΑΣΤΡΑΦΕΝΤΑ ΚΑΤΑΣΤΗΜΑΤΑ ΜΑΡΟΥΣΗ
ΣΥΝΕΧΕΙΑ ΕΚ ΤΗΣ 1ΗΣ ΣΕΛ.

τεῖς δὲν μπόρεσαν νὰ ἐλέγξουν τὴν πυρκαγιάν, ἡ ὁποία ἐξηπλώθη εἰς τὰ γειτονικὰ καταστήματα. Αἱ ζημίαι ὑπολογίζονται εἰς πλέον τῶν 20.000.000 δραχμῶν. Τὰ καταστραφέντα καταστήματα ἦσαν ἠσφαλισμένα εἰς διαφόρους ἀσφαλιστικὰς ἑταιρείας.

ΑΙ ΦΗΜΑΙ ΠΕΡΙ ΑΠΑΓΩΓΗΣ ΑΕΡΟΠΛΑΝΟΥ ΤΗΣ «Ε» ΕΙΣ ΑΛ-
ΣΥΝΕΧΕΙΑ ΕΚ ΤΗΣ 1ΗΣ ΣΕΛ.

Ἀλγερίου. Ἐκ τῆς ἑταιρείας ἀνεκοινώθη ὅτι αἱ φῆμαι εἶναι ἀβάσιμοι καὶ ὅτι τὸ ἀεροσκάφος ἐπραγματοποίησε κανονικῶς τὴν πτῆσιν του.

Η ΑΠΟΚΑΤΑΣΤΑΣΙΣ ΤΩΝ ΠΑΡΑΙΤΗΘΕΝΤΩΝ

ΑΘΗΝΑΙ, 25.— Ὑπὸ τοῦ ὑπουργείου Ἐσωτερικῶν ἐξεδόθη ἐγκύκλιος διὰ τὴν ἀποκατάστασιν τῶν παραιτηθέντων δημοσίων ὑπαλλήλων.

ΘΑ ΓΙΝΗ ΔΙΑΓΩΝΙΣΜΟΣ ΔΙΑ ΤΗΝ ΚΑΤΑΤΑΞΙΝ 300 ΕΜΜΙΣΘΩΝ ΛΙΜΕΝΟΦΥΛΑΚΩΝ

ΑΘΗΝΑΙ, 25.— Ὑπὸ τοῦ ὑπουργείου ἐμπορικῆς ναυτιλίας προκηρύσσεται διαγωνισμὸς διὰ τὴν κατάταξιν εἰς τὸ λιμενικὸν σῶμα 300 ἐμμίσθων λιμενοφυλάκων. Οἱ ὑποψήφιοι πρέπει νὰ εἶναι ἡλικίας 20 ἕως 28 ἐτῶν, ἀπόφοιτοι γυμνασίου καὶ νὰ ἔχουν ἐκπληρώσει τὰς στρατιωτικάς των ὑποχρεώσεις. Αἱ αἰτήσεις ὑποβάλλονται μέχρι τῆς 20ῆς Νοεμβρίου εἰς τὰς κατὰ τόπους λιμενικὰς ἀρχάς.

ΑΝΕΓΕΡΣΙΣ ΝΑΩΝ ΕΙΣ ΚΟΙΝΟΤΗΤΑΣ ΤΟΥ ΕΒΡΟΥ

ΑΛΕΞΑΝΔΡΟΥΠΟΛΙΣ, 25.— Ὁ μητροπολίτης Ἀλεξανδρουπόλεως ἐπισκεφθεὶς τὰς κοινότητας τοῦ νομοῦ ἐνέκρινε τὴν ἀνέγερσιν νέων ἱερῶν ναῶν εἰς Αἰσύμην, Κίρκην καὶ Δορίσκον, διὰ τοὺς ὁποίους ἔχουν ἤδη ἐξευρεθῆ τὰ ἀπαιτούμενα κονδύλια.

Ο κ. ΚΑΡΥΔΑΣ ΕΙΣ ΖΑΚΥΝΘΟΝ ΚΑΙ ΗΛΕΙΑΝ

ΠΥΡΓΟΣ, 25.— Ὁ ὑφυπουργὸς Δημοσίων Ἔργων κ. Καρύδας ἐπεσκέφθη τὴν Ζάκυνθον ὅπου ἐπεθεώρησε τὰ ἐκτελούμενα ἔργα καὶ ἀκολούθως μετέβη εἰς Ἠλείαν, ὅπου ἐγκαινίασε τὸ νέον ὁδικὸν τμῆμα Πύργου – Ἀμαλιάδος.

ΠΡΟΣΤΙΜΟΝ ΕΙΣ ΠΑΟΙΑΡΧΟΝ ΔΙ' ΥΠΕΡΦΟΡΤΩΣΙΝ

Δι' ἀποφάσεως τοῦ κεντρικοῦ λιμεναρχείου Πειραιῶς ἐπεβλήθη πρόστιμον 10.000 δραχμῶν εἰς τὸν πλοίαρχον τοῦ ἐπιβατηγοῦ «Ἀγία Ἑλένη», διότι τὸ πλοῖον του ἀπέπλευσε ὑπερφορτωμένον.

ΑΝΑΚΟΙΝΩΣΙΣ ΤΟΥ ΟΙΚΟΥ ΤΟΥ ΑΝΤΙΒΑΣΙΛΕΩΣ

ΑΘΗΝΑΙ, 25.— Ἐκ τοῦ οἴκου τοῦ ἀντιβασιλέως ἐξεδόθη ἡ ἀκόλουθος ἀνακοίνωσις: Ὁ ἀντιβασιλεὺς στρατηγὸς κ. Ζωιτάκης, δέχεται σήμερον εἰς ἀκρόασιν τὴν ἀντιπροσωπείαν τῶν παλαιμάχων τῆς Ἐθνικῆς Ἀντιστάσεως.

22.800.000 ΔΡΑΧΜΑΙ ΔΙΑ ΛΙΜΕΝΙΚΑ ΕΡΓΑ

ΑΘΗΝΑΙ, 25.— Διὰ κοινῆς ἀποφάσεως τῶν ὑπουργῶν Συντονισμοῦ καὶ Δημοσίων Ἔργων ἐνεκρίθη ἡ διάθεσις ποσοῦ 22.800.000 δραχμῶν διὰ τὴν ἐκτέλεσιν λιμενικῶν ἔργων εἰς διαφόρους λιμένας τῆς χώρας.

ΓΑΛΛΟΣ ΘΗΡΑΜΑΤΟΛΟΓΟΣ ΕΙΣ ΑΛΕΞΑΝΔΡΟΥΠΟΛΙΝ

ΑΛΕΞΑΝΔΡΟΥΠΟΛΙΣ, 25.— Εἰς τὴν πόλιν μας ἀφίχθη ὁ Γάλλος θηραματολόγος κ. Ντιπόν, ὁ ὁποῖος θὰ μελετήσῃ τὴν ὀρνιθοπανίδα τοῦ Δέλτα τοῦ Ἕβρου καὶ τὰς δυνατότητας ἀναπτύξεως τοῦ θηραματικοῦ τουρισμοῦ.
